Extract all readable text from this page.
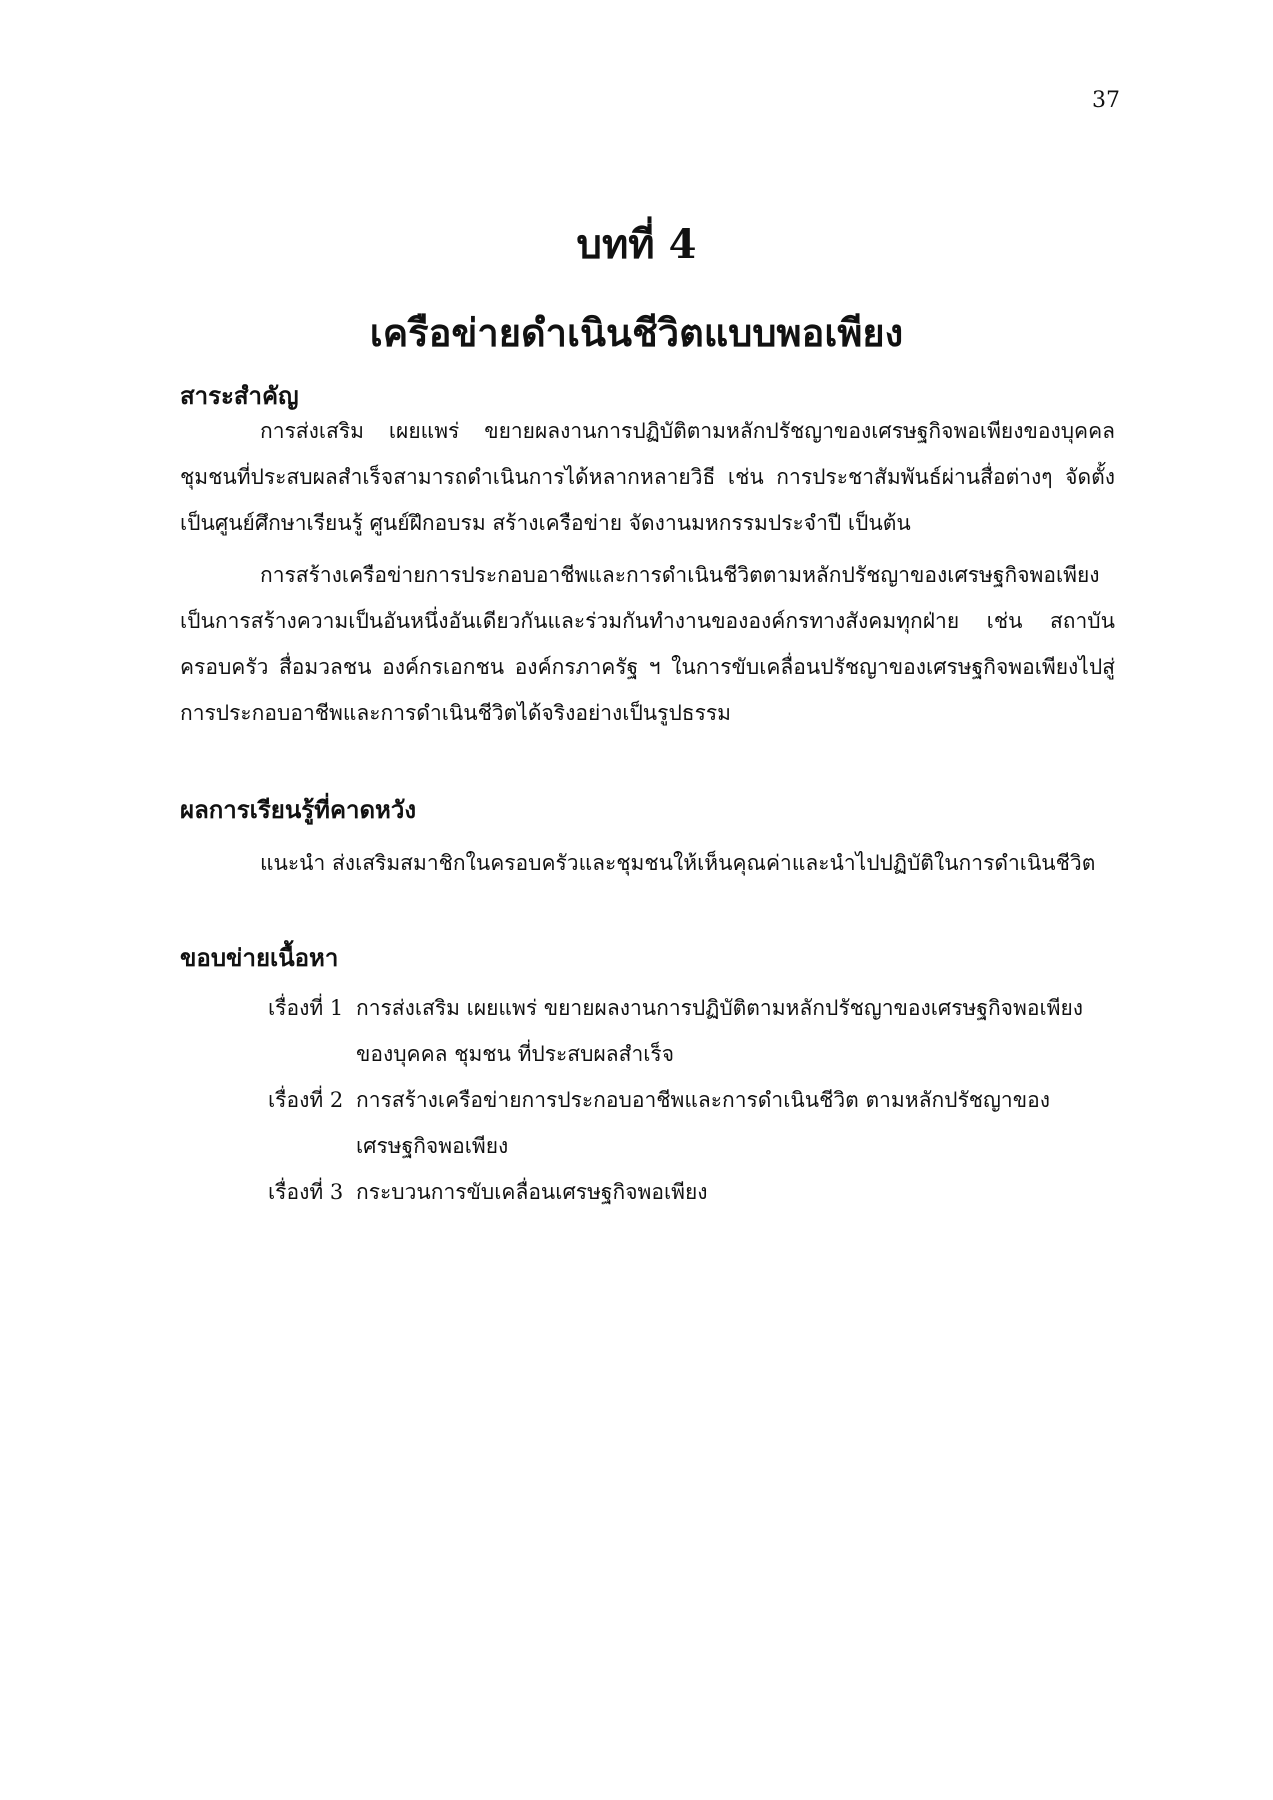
37
บทที่ 4
เครือข่ายดำเนินชีวิตแบบพอเพียง
สาระสำคัญ

การส่งเสริม เผยแพร่ ขยายผลงานการปฏิบัติตามหลักปรัชญาของเศรษฐกิจพอเพียงของบุคคล ชุมชนที่ประสบผลสำเร็จสามารถดำเนินการได้หลากหลายวิธี เช่น การประชาสัมพันธ์ผ่านสื่อต่างๆ จัดตั้งเป็นศูนย์ศึกษาเรียนรู้ ศูนย์ฝึกอบรม สร้างเครือข่าย จัดงานมหกรรมประจำปี เป็นต้น

การสร้างเครือข่ายการประกอบอาชีพและการดำเนินชีวิตตามหลักปรัชญาของเศรษฐกิจพอเพียง เป็นการสร้างความเป็นอันหนึ่งอันเดียวกันและร่วมกันทำงานขององค์กรทางสังคมทุกฝ่าย เช่น สถาบันครอบครัว สื่อมวลชน องค์กรเอกชน องค์กรภาครัฐ ฯ ในการขับเคลื่อนปรัชญาของเศรษฐกิจพอเพียงไปสู่การประกอบอาชีพและการดำเนินชีวิตได้จริงอย่างเป็นรูปธรรม

ผลการเรียนรู้ที่คาดหวัง
แนะนำ ส่งเสริมสมาชิกในครอบครัวและชุมชนให้เห็นคุณค่าและนำไปปฏิบัติในการดำเนินชีวิต
ขอบข่ายเนื้อหา
เรื่องที่ 1 การส่งเสริม เผยแพร่ ขยายผลงานการปฏิบัติตามหลักปรัชญาของเศรษฐกิจพอเพียง ของบุคคล ชุมชน ที่ประสบผลสำเร็จ
เรื่องที่ 2 การสร้างเครือข่ายการประกอบอาชีพและการดำเนินชีวิต ตามหลักปรัชญาของ เศรษฐกิจพอเพียง
เรื่องที่ 3 กระบวนการขับเคลื่อนเศรษฐกิจพอเพียง
